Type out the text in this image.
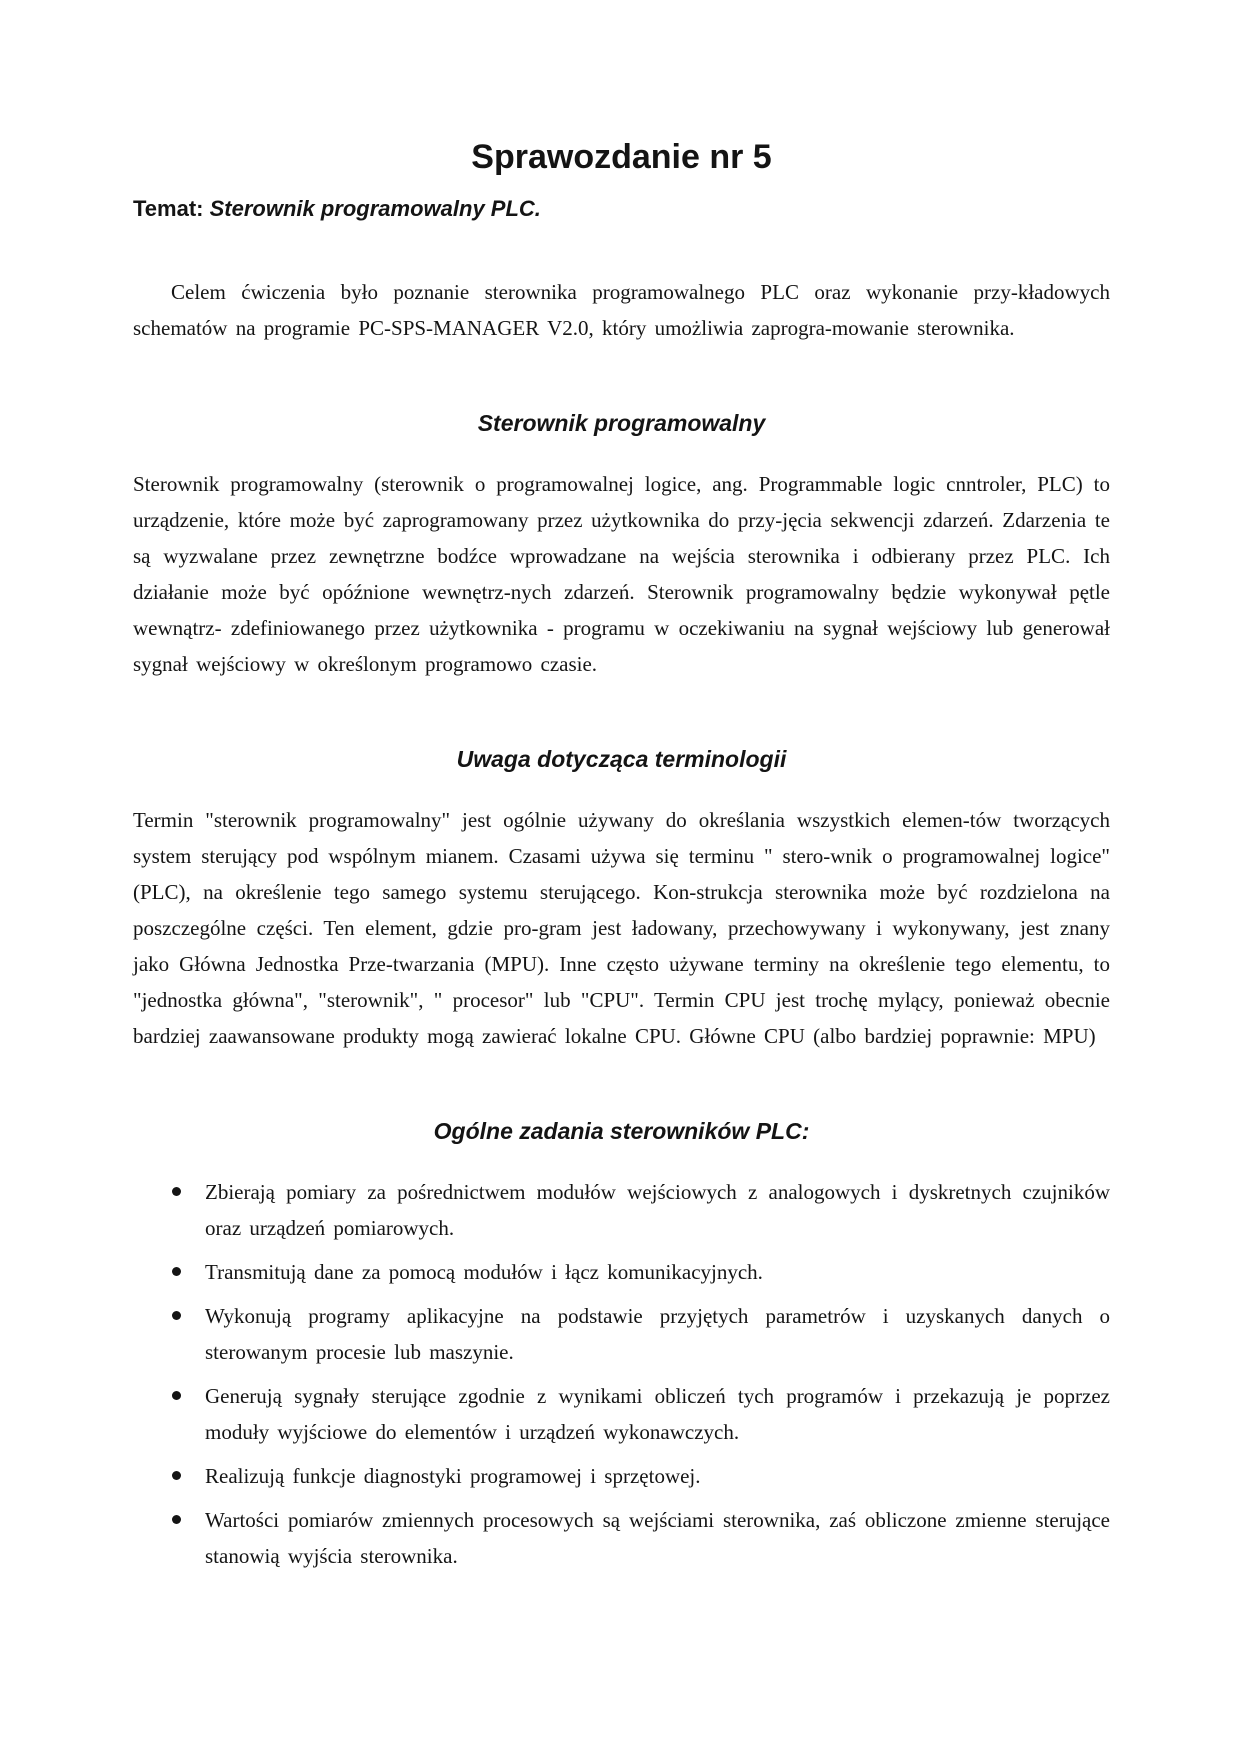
Sprawozdanie nr 5

Temat: Sterownik programowalny PLC.

Celem ćwiczenia było poznanie sterownika programowalnego PLC oraz wykonanie przy-kładowych schematów na programie PC-SPS-MANAGER V2.0, który umożliwia zaprogra-mowanie sterownika.

Sterownik programowalny

Sterownik programowalny (sterownik o programowalnej logice, ang. Programmable logic cnntroler, PLC) to urządzenie, które może być zaprogramowany przez użytkownika do przy-jęcia sekwencji zdarzeń. Zdarzenia te są wyzwalane przez zewnętrzne bodźce wprowadzane na wejścia sterownika i odbierany przez PLC. Ich działanie może być opóźnione wewnętrz-nych zdarzeń. Sterownik programowalny będzie wykonywał pętle wewnątrz- zdefiniowanego przez użytkownika - programu w oczekiwaniu na sygnał wejściowy lub generował sygnał wejściowy w określonym programowo czasie.

Uwaga dotycząca terminologii

Termin "sterownik programowalny" jest ogólnie używany do określania wszystkich elemen-tów tworzących system sterujący pod wspólnym mianem. Czasami używa się terminu " stero-wnik o programowalnej logice" (PLC), na określenie tego samego systemu sterującego. Kon-strukcja sterownika może być rozdzielona na poszczególne części. Ten element, gdzie pro-gram jest ładowany, przechowywany i wykonywany, jest znany jako Główna Jednostka Prze-twarzania (MPU). Inne często używane terminy na określenie tego elementu, to "jednostka główna", "sterownik", " procesor" lub "CPU". Termin CPU jest trochę mylący, ponieważ obecnie bardziej zaawansowane produkty mogą zawierać lokalne CPU. Główne CPU (albo bardziej poprawnie: MPU)

Ogólne zadania sterowników PLC:
Zbierają pomiary za pośrednictwem modułów wejściowych z analogowych i dyskretnych czujników oraz urządzeń pomiarowych.
Transmitują dane za pomocą modułów i łącz komunikacyjnych.
Wykonują programy aplikacyjne na podstawie przyjętych parametrów i uzyskanych danych o sterowanym procesie lub maszynie.
Generują sygnały sterujące zgodnie z wynikami obliczeń tych programów i przekazują je poprzez moduły wyjściowe do elementów i urządzeń wykonawczych.
Realizują funkcje diagnostyki programowej i sprzętowej.
Wartości pomiarów zmiennych procesowych są wejściami sterownika, zaś obliczone zmienne sterujące stanowią wyjścia sterownika.
